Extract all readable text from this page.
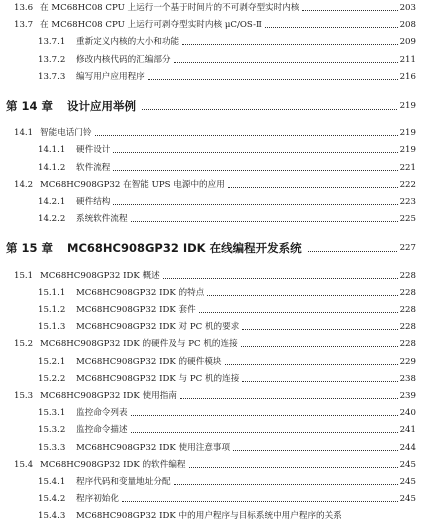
13.6 在 MC68HC08 CPU 上运行一个基于时间片的不可剥夺型实时内核	203
13.7 在 MC68HC08 CPU 上运行可剥夺型实时内核 μC/OS-Ⅱ	208
13.7.1	重新定义内核的大小和功能	209
13.7.2	修改内核代码的汇编部分	211
13.7.3	编写用户应用程序	216
第 14 章 设计应用举例	219
14.1 智能电话门铃	219
14.1.1	硬件设计	219
14.1.2	软件流程	221
14.2 MC68HC908GP32 在智能 UPS 电源中的应用	222
14.2.1	硬件结构	223
14.2.2	系统软件流程	225
第 15 章 MC68HC908GP32 IDK 在线编程开发系统	227
15.1 MC68HC908GP32 IDK 概述	228
15.1.1	MC68HC908GP32 IDK 的特点	228
15.1.2	MC68HC908GP32 IDK 套件	228
15.1.3	MC68HC908GP32 IDK 对 PC 机的要求	228
15.2 MC68HC908GP32 IDK 的硬件及与 PC 机的连接	228
15.2.1	MC68HC908GP32 IDK 的硬件模块	229
15.2.2	MC68HC908GP32 IDK 与 PC 机的连接	238
15.3 MC68HC908GP32 IDK 使用指南	239
15.3.1	监控命令列表	240
15.3.2	监控命令描述	241
15.3.3	MC68HC908GP32 IDK 使用注意事项	244
15.4 MC68HC908GP32 IDK 的软件编程	245
15.4.1	程序代码和变量地址分配	245
15.4.2	程序初始化	245
15.4.3	MC68HC908GP32 IDK 中的用户程序与目标系统中用户程序的关系
